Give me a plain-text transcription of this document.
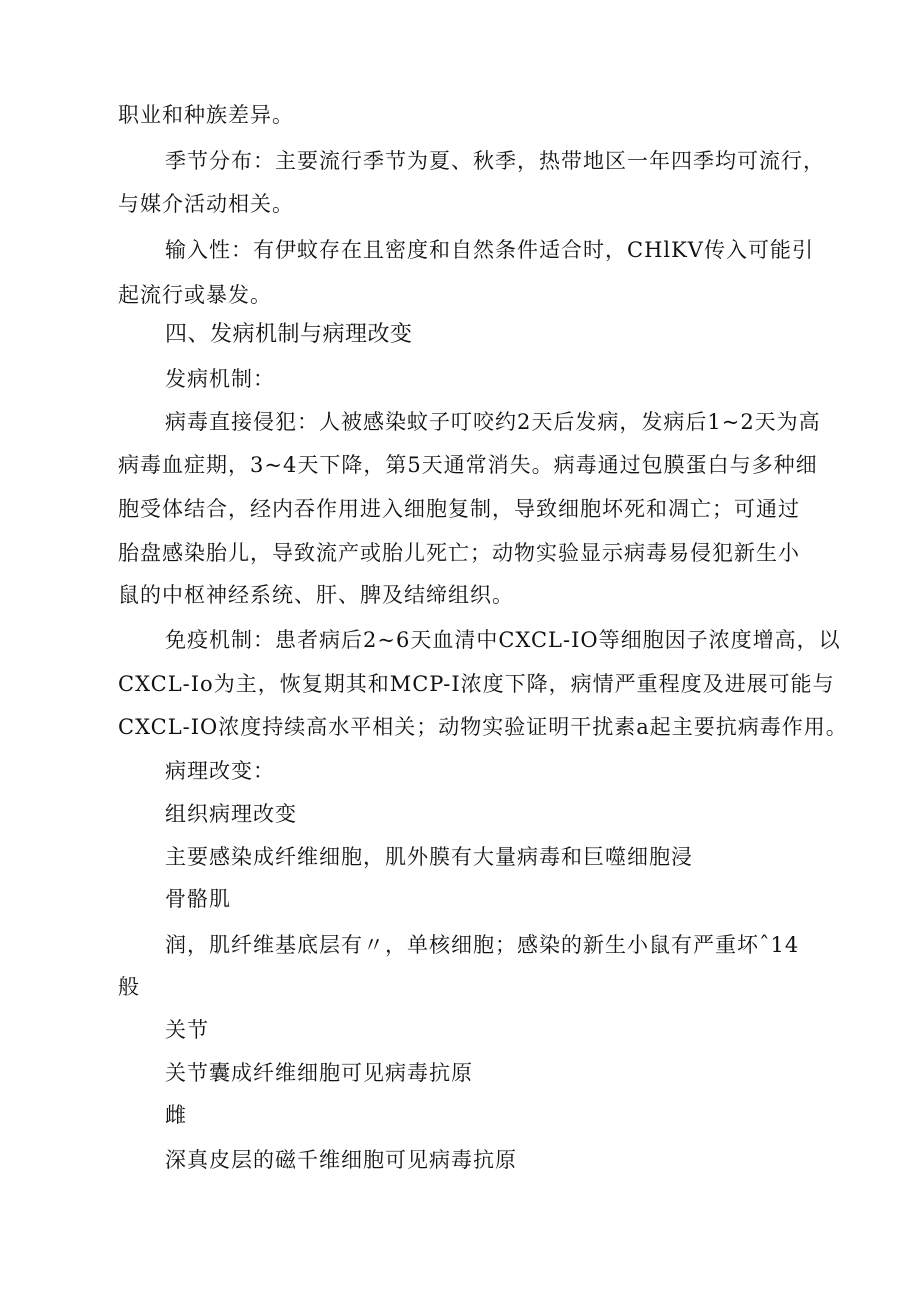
职业和种族差异。
季节分布：主要流行季节为夏、秋季，热带地区一年四季均可流行，
与媒介活动相关。
输入性：有伊蚊存在且密度和自然条件适合时，CHlKV传入可能引
起流行或暴发。
四、发病机制与病理改变
发病机制：
病毒直接侵犯：人被感染蚊子叮咬约2天后发病，发病后1~2天为高
病毒血症期，3~4天下降，第5天通常消失。病毒通过包膜蛋白与多种细
胞受体结合，经内吞作用进入细胞复制，导致细胞坏死和凋亡；可通过
胎盘感染胎儿，导致流产或胎儿死亡；动物实验显示病毒易侵犯新生小
鼠的中枢神经系统、肝、脾及结缔组织。
免疫机制：患者病后2~6天血清中CXCL-IO等细胞因子浓度增高，以
CXCL-Io为主，恢复期其和MCP-I浓度下降，病情严重程度及进展可能与
CXCL-IO浓度持续高水平相关；动物实验证明干扰素a起主要抗病毒作用。
病理改变：
组织病理改变
主要感染成纤维细胞，肌外膜有大量病毒和巨噬细胞浸
骨骼肌
润，肌纤维基底层有〃，单核细胞；感染的新生小鼠有严重坏ˆ14
般
关节
关节囊成纤维细胞可见病毒抗原
雌
深真皮层的磁千维细胞可见病毒抗原
